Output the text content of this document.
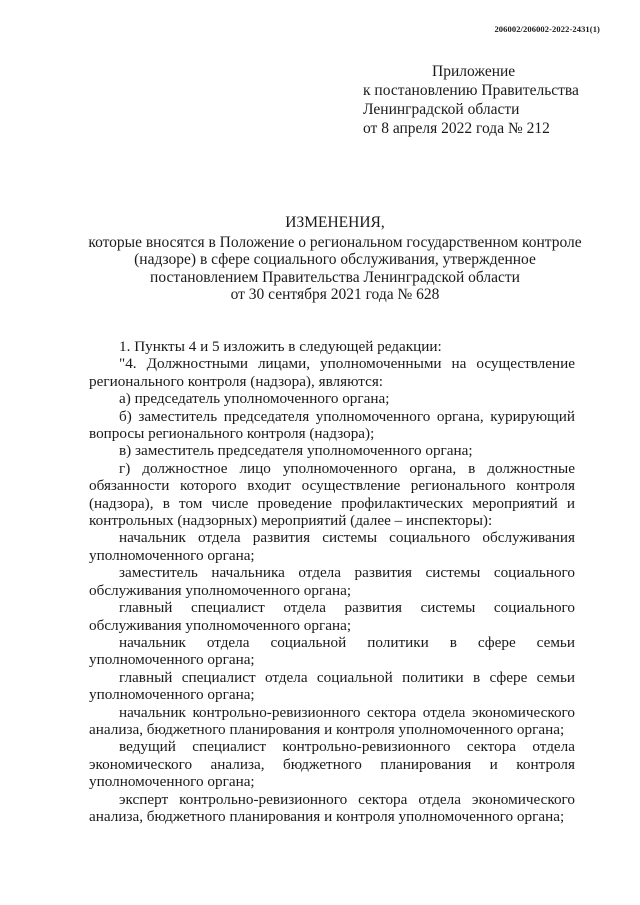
206002/206002-2022-2431(1)
Приложение
к постановлению Правительства
Ленинградской области
от 8 апреля 2022 года № 212
ИЗМЕНЕНИЯ,
которые вносятся в Положение о региональном государственном контроле
(надзоре) в сфере социального обслуживания, утвержденное
постановлением Правительства Ленинградской области
от 30 сентября 2021 года № 628

1. Пункты 4 и 5 изложить в следующей редакции:

"4. Должностными лицами, уполномоченными на осуществление регионального контроля (надзора), являются:

а) председатель уполномоченного органа;

б) заместитель председателя уполномоченного органа, курирующий вопросы регионального контроля (надзора);

в) заместитель председателя уполномоченного органа;

г) должностное лицо уполномоченного органа, в должностные обязанности которого входит осуществление регионального контроля (надзора), в том числе проведение профилактических мероприятий и контрольных (надзорных) мероприятий (далее – инспекторы):

начальник отдела развития системы социального обслуживания уполномоченного органа;

заместитель начальника отдела развития системы социального обслуживания уполномоченного органа;

главный специалист отдела развития системы социального обслуживания уполномоченного органа;

начальник отдела социальной политики в сфере семьи уполномоченного органа;

главный специалист отдела социальной политики в сфере семьи уполномоченного органа;

начальник контрольно-ревизионного сектора отдела экономического анализа, бюджетного планирования и контроля уполномоченного органа;

ведущий специалист контрольно-ревизионного сектора отдела экономического анализа, бюджетного планирования и контроля уполномоченного органа;

эксперт контрольно-ревизионного сектора отдела экономического анализа, бюджетного планирования и контроля уполномоченного органа;
